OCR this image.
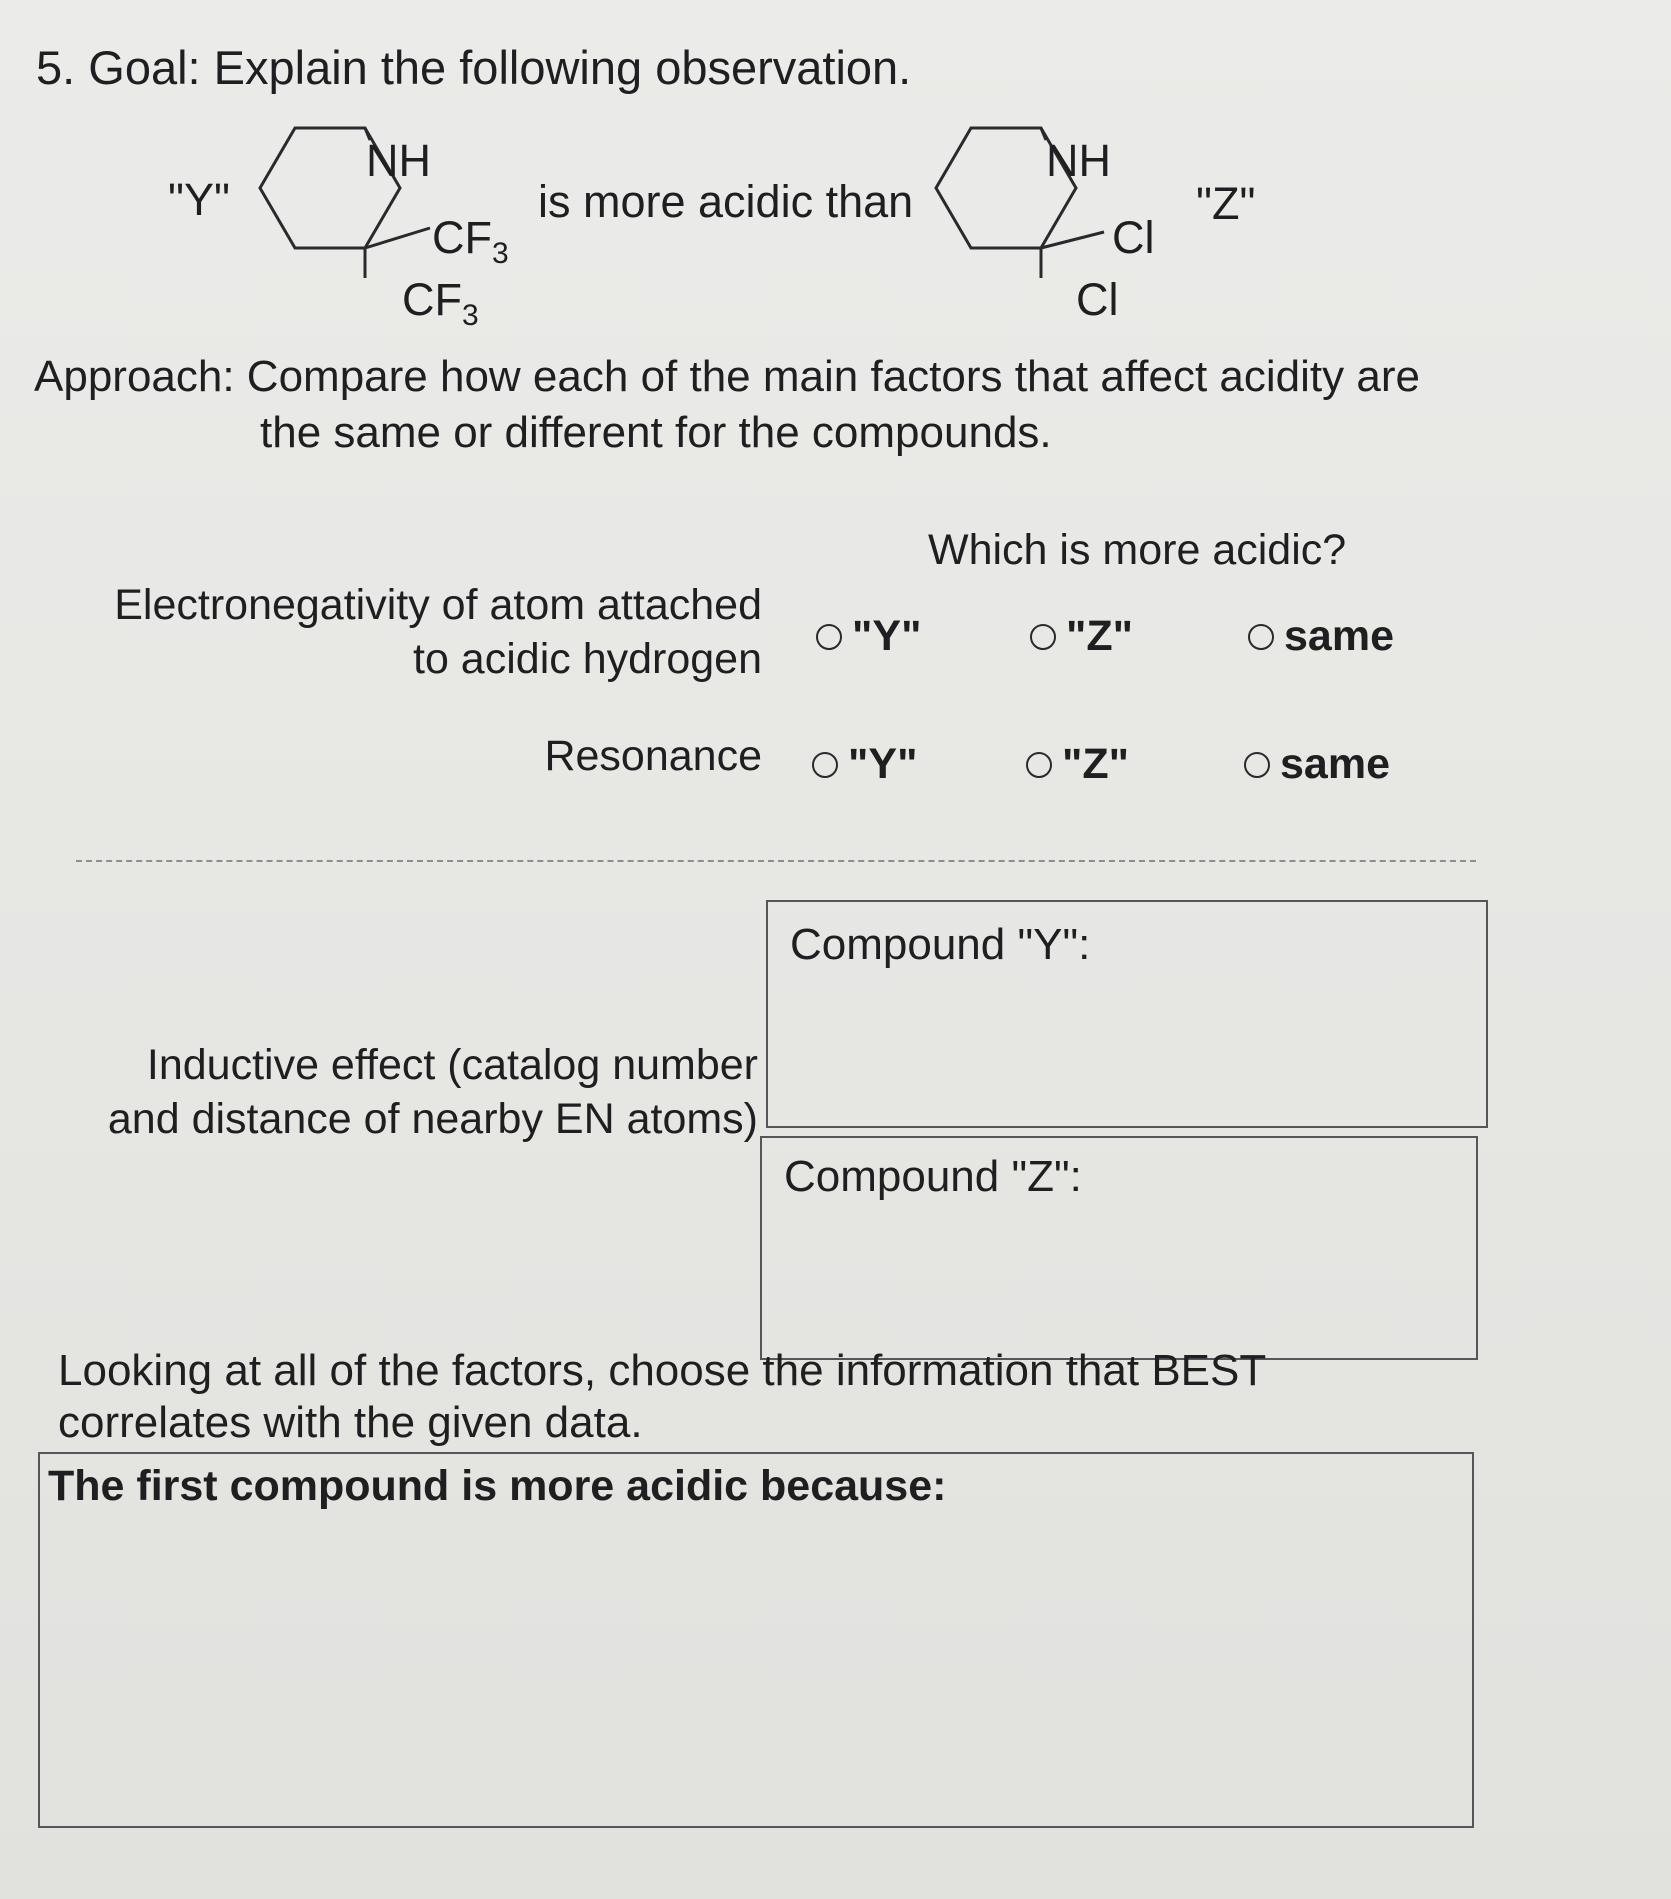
5. Goal: Explain the following observation.
"Y"
NH
$CF_3$
$CF_3$
is more acidic than
NH
Cl
Cl
"Z"
Approach: Compare how each of the main factors that affect acidity are
the same or different for the compounds.
Which is more acidic?
Electronegativity of atom attached
to acidic hydrogen "Y"	"Z"	same
Resonance "Y"	"Z"	same
Inductive effect (catalog number
and distance of nearby EN atoms)
Compound "Y":
Compound "Z":
Looking at all of the factors, choose the information that BEST
correlates with the given data.
The first compound is more acidic because:
